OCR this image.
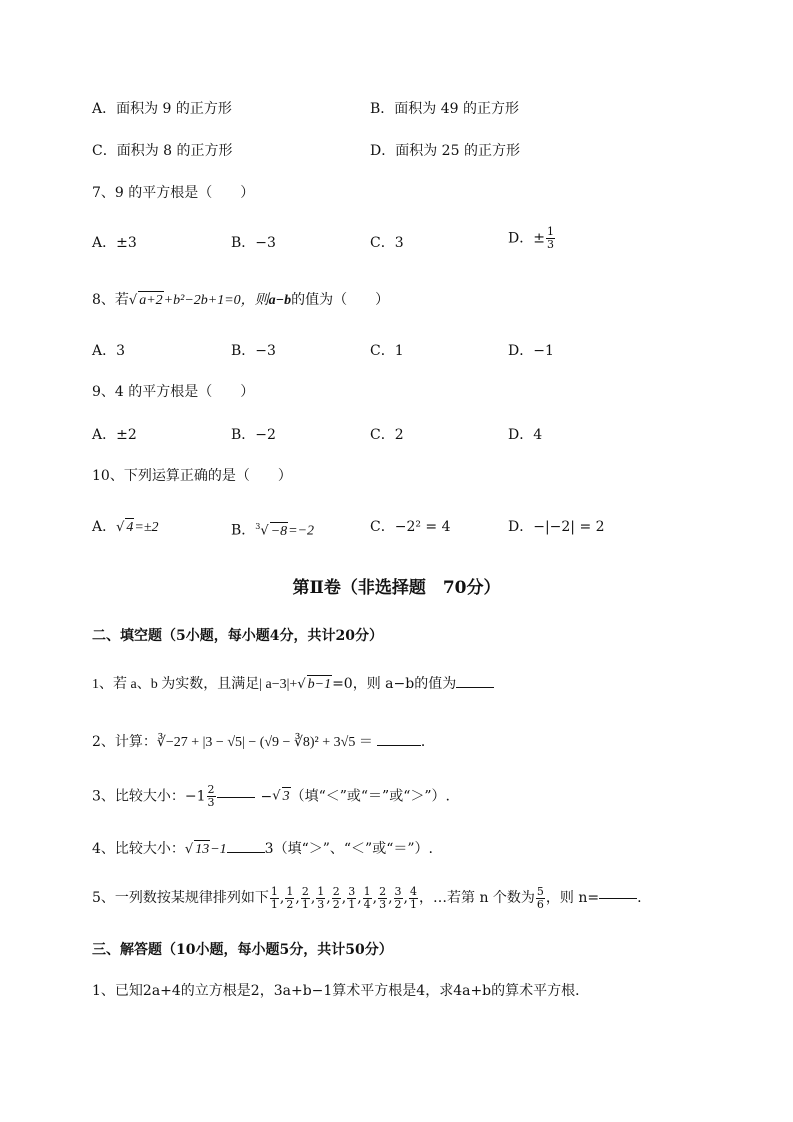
A．面积为 9 的正方形	B．面积为 49 的正方形
C．面积为 8 的正方形	D．面积为 25 的正方形
7、9 的平方根是（　　）
A．±3	B．−3	C．3	D．± $\frac{1}{3}$
8、若√ a+2+b²−2b+1=0，则a−b的值为（　　）
A．3	B．−3	C．1	D．−1
9、4 的平方根是（　　）
A．±2	B．−2	C．2	D．4
10、下列运算正确的是（　　）
A．√ 4=±2	B．$^3$√ −8=−2	C．−2² = 4	D．−|−2| = 2
第Ⅱ卷（非选择题　70分）
二、填空题（5小题，每小题4分，共计20分）
1、若 a、b 为实数，且满足| a−3|+√ b−1=0，则 a−b的值为
2、计算：∛−27 + |3 − √5| − (√9 − ∛8)² + 3√5 ＝	．
3、比较大小：$-1 \frac{2}{3}$	−√ 3（填“＜”或“＝”或“＞”）.
4、比较大小：√ 13−1	3（填“＞”、“＜”或“＝”）.
5、一列数按某规律排列如下 $\frac{1}{1}$ , $\frac{1}{2}$ , $\frac{2}{1}$ , $\frac{1}{3}$ , $\frac{2}{2}$ , $\frac{3}{1}$ , $\frac{1}{4}$ , $\frac{2}{3}$ , $\frac{3}{2}$ , $\frac{4}{1}$ ，…若第 n 个数为 $\frac{5}{6}$ ，则 n=	.
三、解答题（10小题，每小题5分，共计50分）
1、已知2a+4的立方根是2，3a+b−1算术平方根是4，求4a+b的算术平方根．
